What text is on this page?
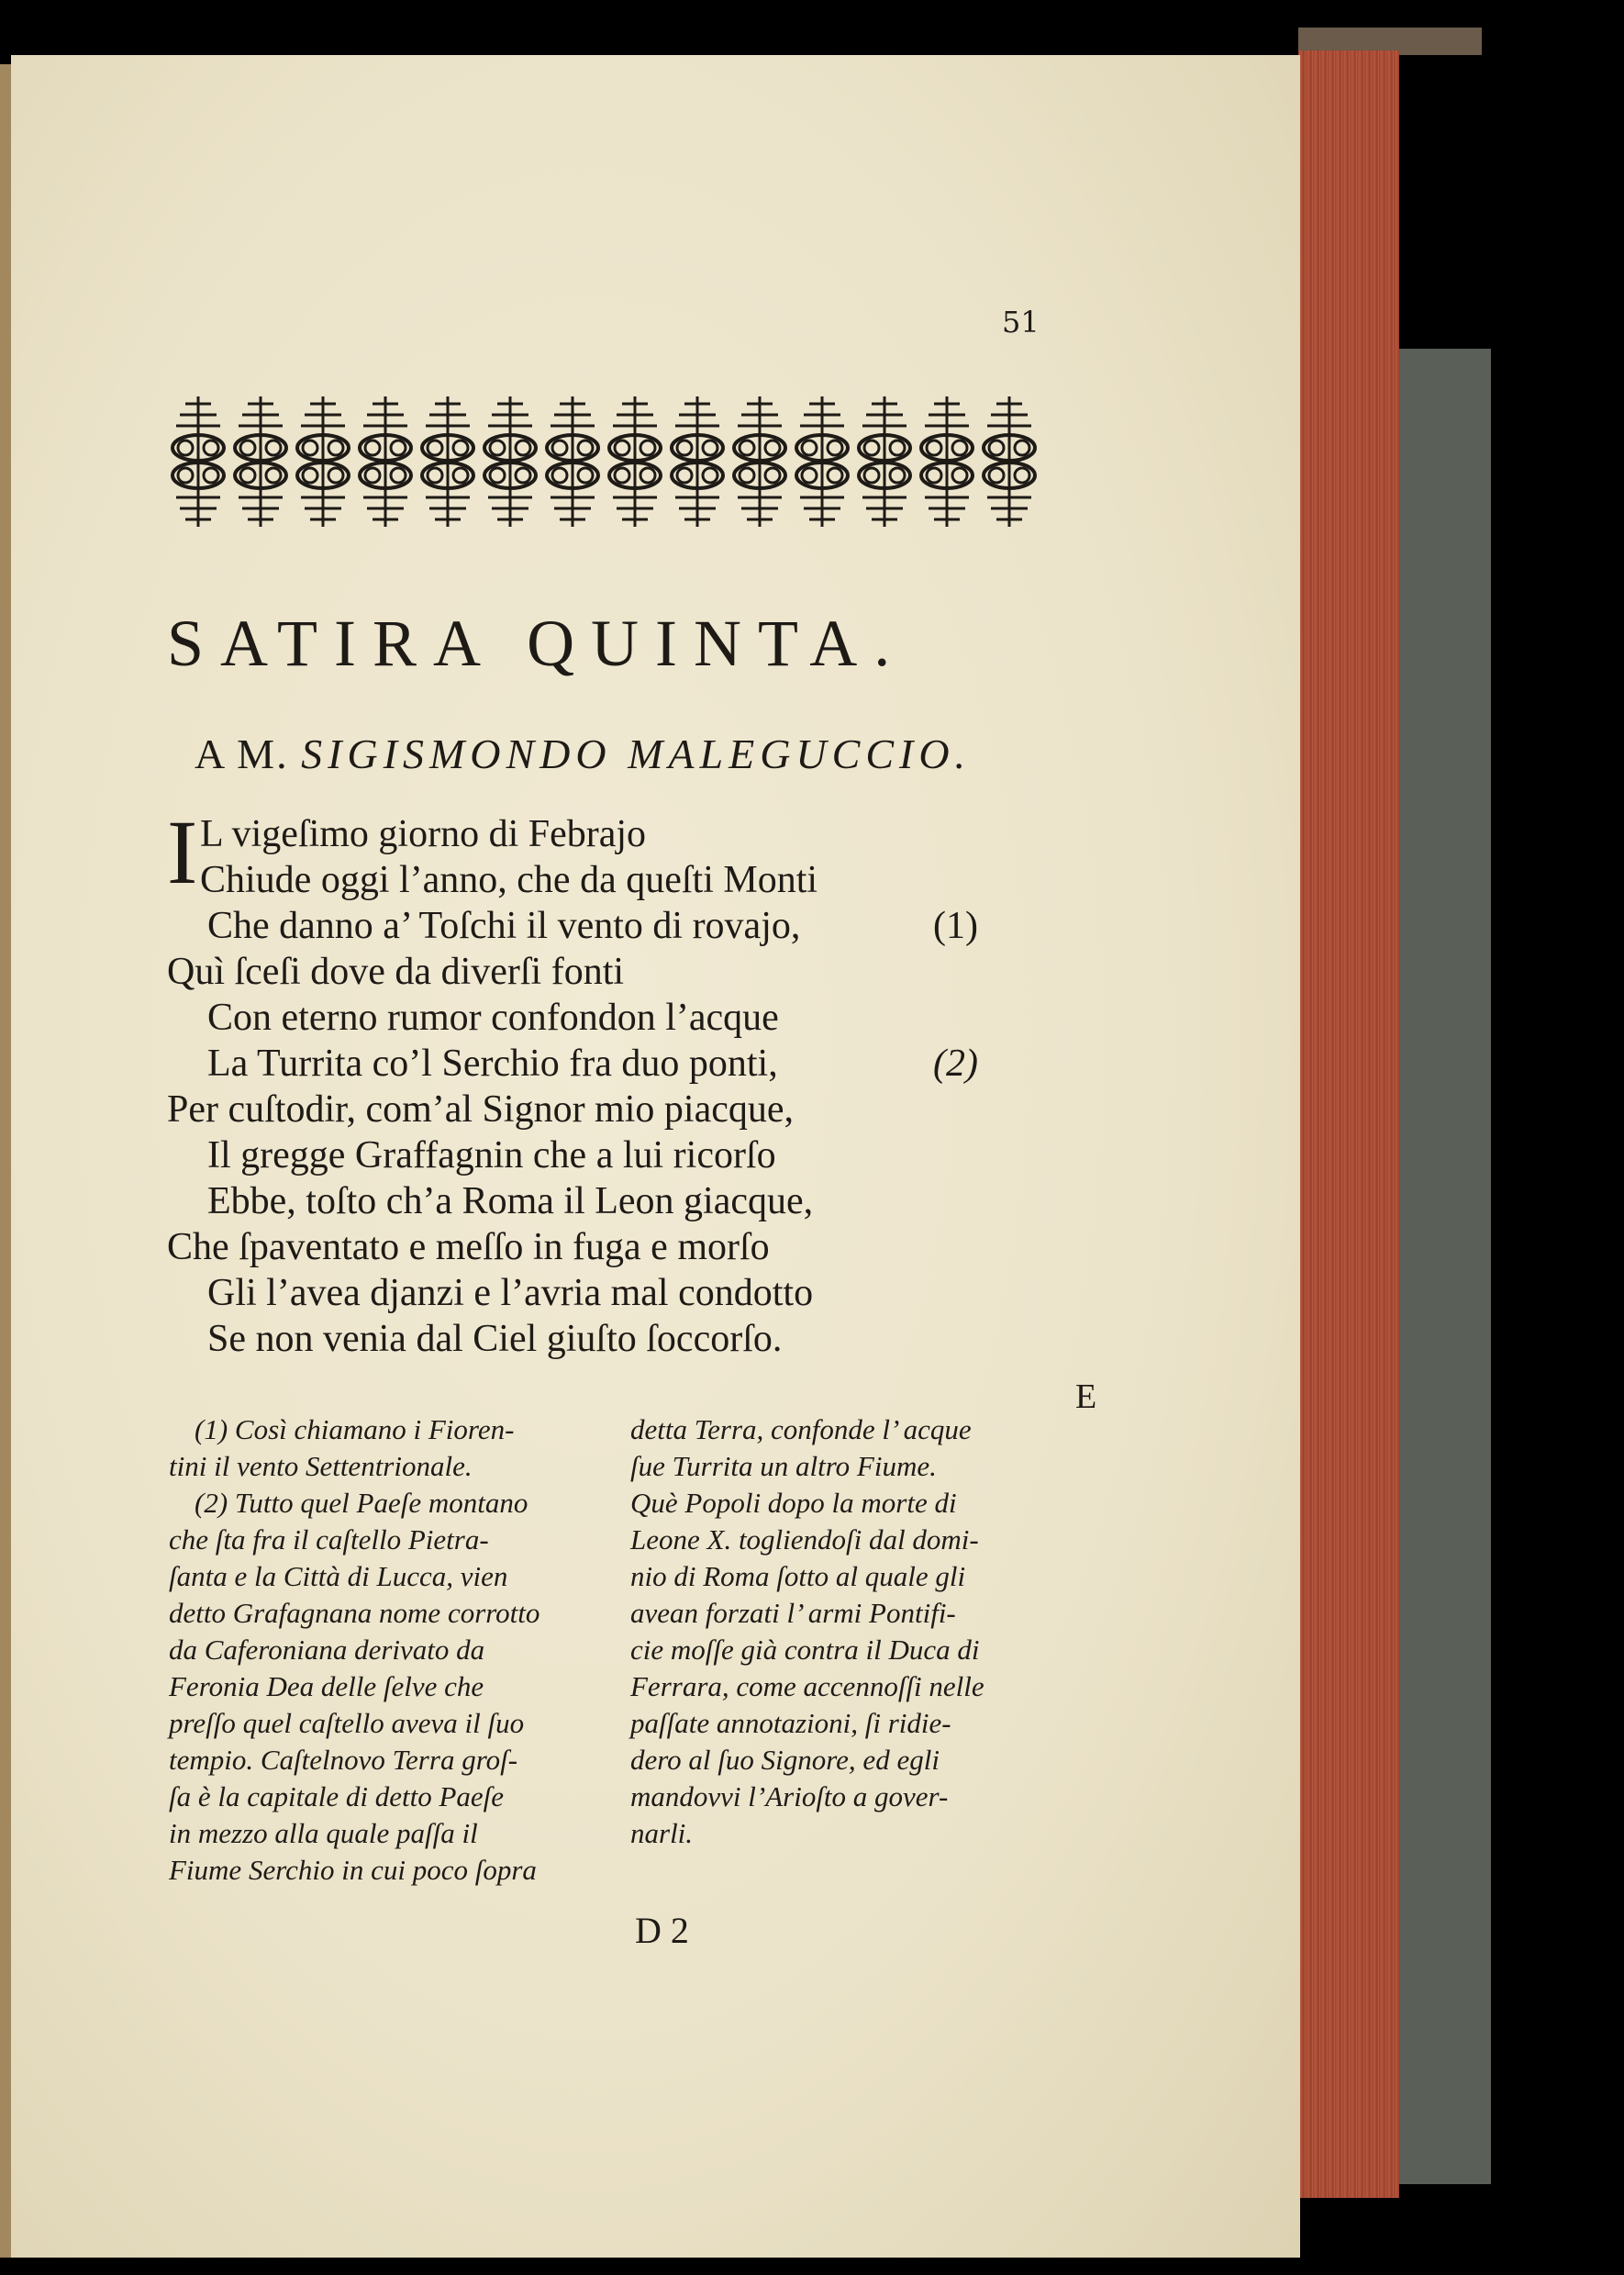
51
SATIRA QUINTA.
A M. SIGISMONDO MALEGUCCIO.
I L vigeſimo giorno di Febrajo
Chiude oggi l’anno, che da queſti Monti
Che danno a’ Toſchi il vento di rovajo,
Quì ſceſi dove da diverſi fonti
Con eterno rumor confondon l’acque
La Turrita co’l Serchio fra duo ponti,
Per cuſtodir, com’al Signor mio piacque,
Il gregge Graffagnin che a lui ricorſo
Ebbe, toſto ch’a Roma il Leon giacque,
Che ſpaventato e meſſo in fuga e morſo
Gli l’avea djanzi e l’avria mal condotto
Se non venia dal Ciel giuſto ſoccorſo.
(1)
(2)
E
(1) Così chiamano i Fioren-
tini il vento Settentrionale.
(2) Tutto quel Paeſe montano
che ſta fra il caſtello Pietra-
ſanta e la Città di Lucca, vien
detto Grafagnana nome corrotto
da Caferoniana derivato da
Feronia Dea delle ſelve che
preſſo quel caſtello aveva il ſuo
tempio. Caſtelnovo Terra groſ-
ſa è la capitale di detto Paeſe
in mezzo alla quale paſſa il
Fiume Serchio in cui poco ſopra
detta Terra, confonde l’ acque
ſue Turrita un altro Fiume.
Què Popoli dopo la morte di
Leone X. togliendoſi dal domi-
nio di Roma ſotto al quale gli
avean forzati l’ armi Pontifi-
cie moſſe già contra il Duca di
Ferrara, come accennoſſi nelle
paſſate annotazioni, ſi ridie-
dero al ſuo Signore, ed egli
mandovvi l’Arioſto a gover-
narli.
D 2
